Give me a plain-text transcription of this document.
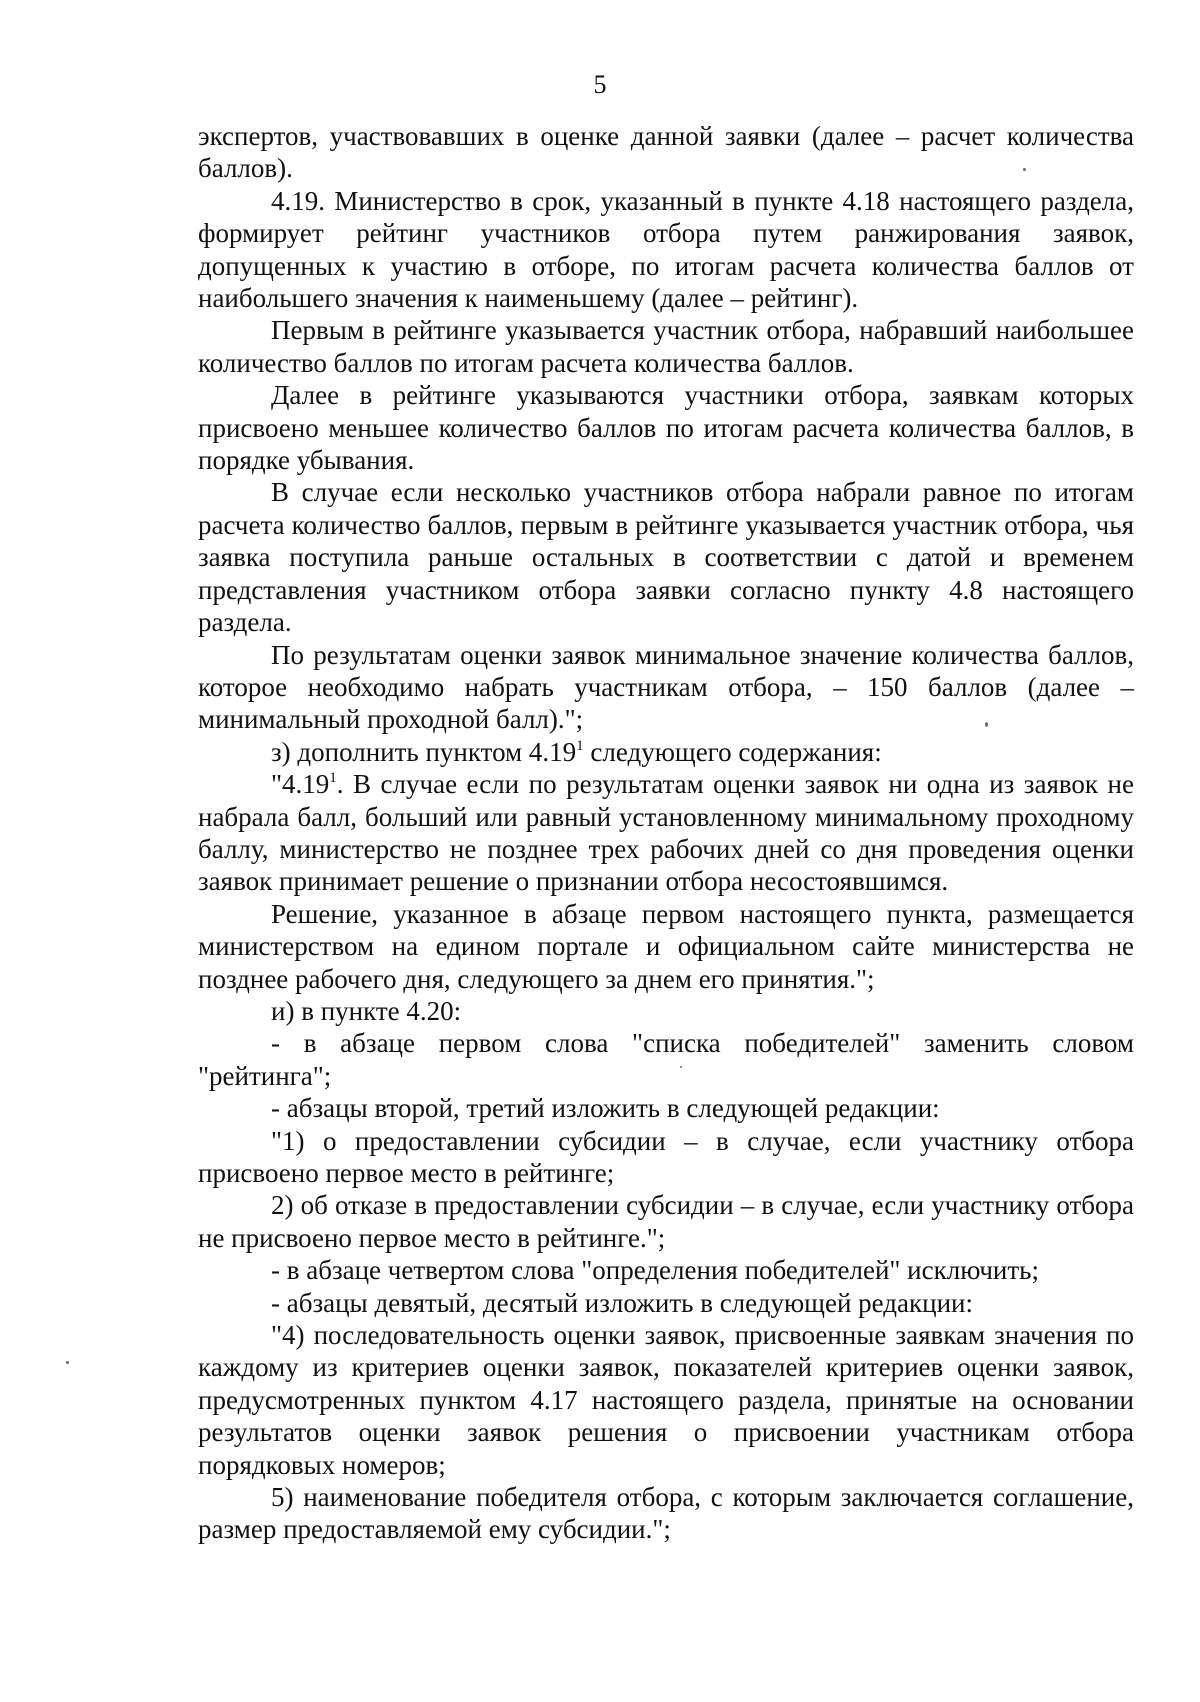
5

экспертов, участвовавших в оценке данной заявки (далее – расчет количества баллов).

4.19. Министерство в срок, указанный в пункте 4.18 настоящего раздела, формирует рейтинг участников отбора путем ранжирования заявок, допущенных к участию в отборе, по итогам расчета количества баллов от наибольшего значения к наименьшему (далее – рейтинг).

Первым в рейтинге указывается участник отбора, набравший наибольшее количество баллов по итогам расчета количества баллов.

Далее в рейтинге указываются участники отбора, заявкам которых присвоено меньшее количество баллов по итогам расчета количества баллов, в порядке убывания.

В случае если несколько участников отбора набрали равное по итогам расчета количество баллов, первым в рейтинге указывается участник отбора, чья заявка поступила раньше остальных в соответствии с датой и временем представления участником отбора заявки согласно пункту 4.8 настоящего раздела.

По результатам оценки заявок минимальное значение количества баллов, которое необходимо набрать участникам отбора, – 150 баллов (далее – минимальный проходной балл).";

з) дополнить пунктом 4.19$^1$ следующего содержания:

"4.19$^1$. В случае если по результатам оценки заявок ни одна из заявок не набрала балл, больший или равный установленному минимальному проходному баллу, министерство не позднее трех рабочих дней со дня проведения оценки заявок принимает решение о признании отбора несостоявшимся.

Решение, указанное в абзаце первом настоящего пункта, размещается министерством на едином портале и официальном сайте министерства не позднее рабочего дня, следующего за днем его принятия.";

и) в пункте 4.20:

- в абзаце первом слова "списка победителей" заменить словом "рейтинга";

- абзацы второй, третий изложить в следующей редакции:

"1) о предоставлении субсидии – в случае, если участнику отбора присвоено первое место в рейтинге;

2) об отказе в предоставлении субсидии – в случае, если участнику отбора не присвоено первое место в рейтинге.";

- в абзаце четвертом слова "определения победителей" исключить;

- абзацы девятый, десятый изложить в следующей редакции:

"4) последовательность оценки заявок, присвоенные заявкам значения по каждому из критериев оценки заявок, показателей критериев оценки заявок, предусмотренных пунктом 4.17 настоящего раздела, принятые на основании результатов оценки заявок решения о присвоении участникам отбора порядковых номеров;

5) наименование победителя отбора, с которым заключается соглашение, размер предоставляемой ему субсидии.";
